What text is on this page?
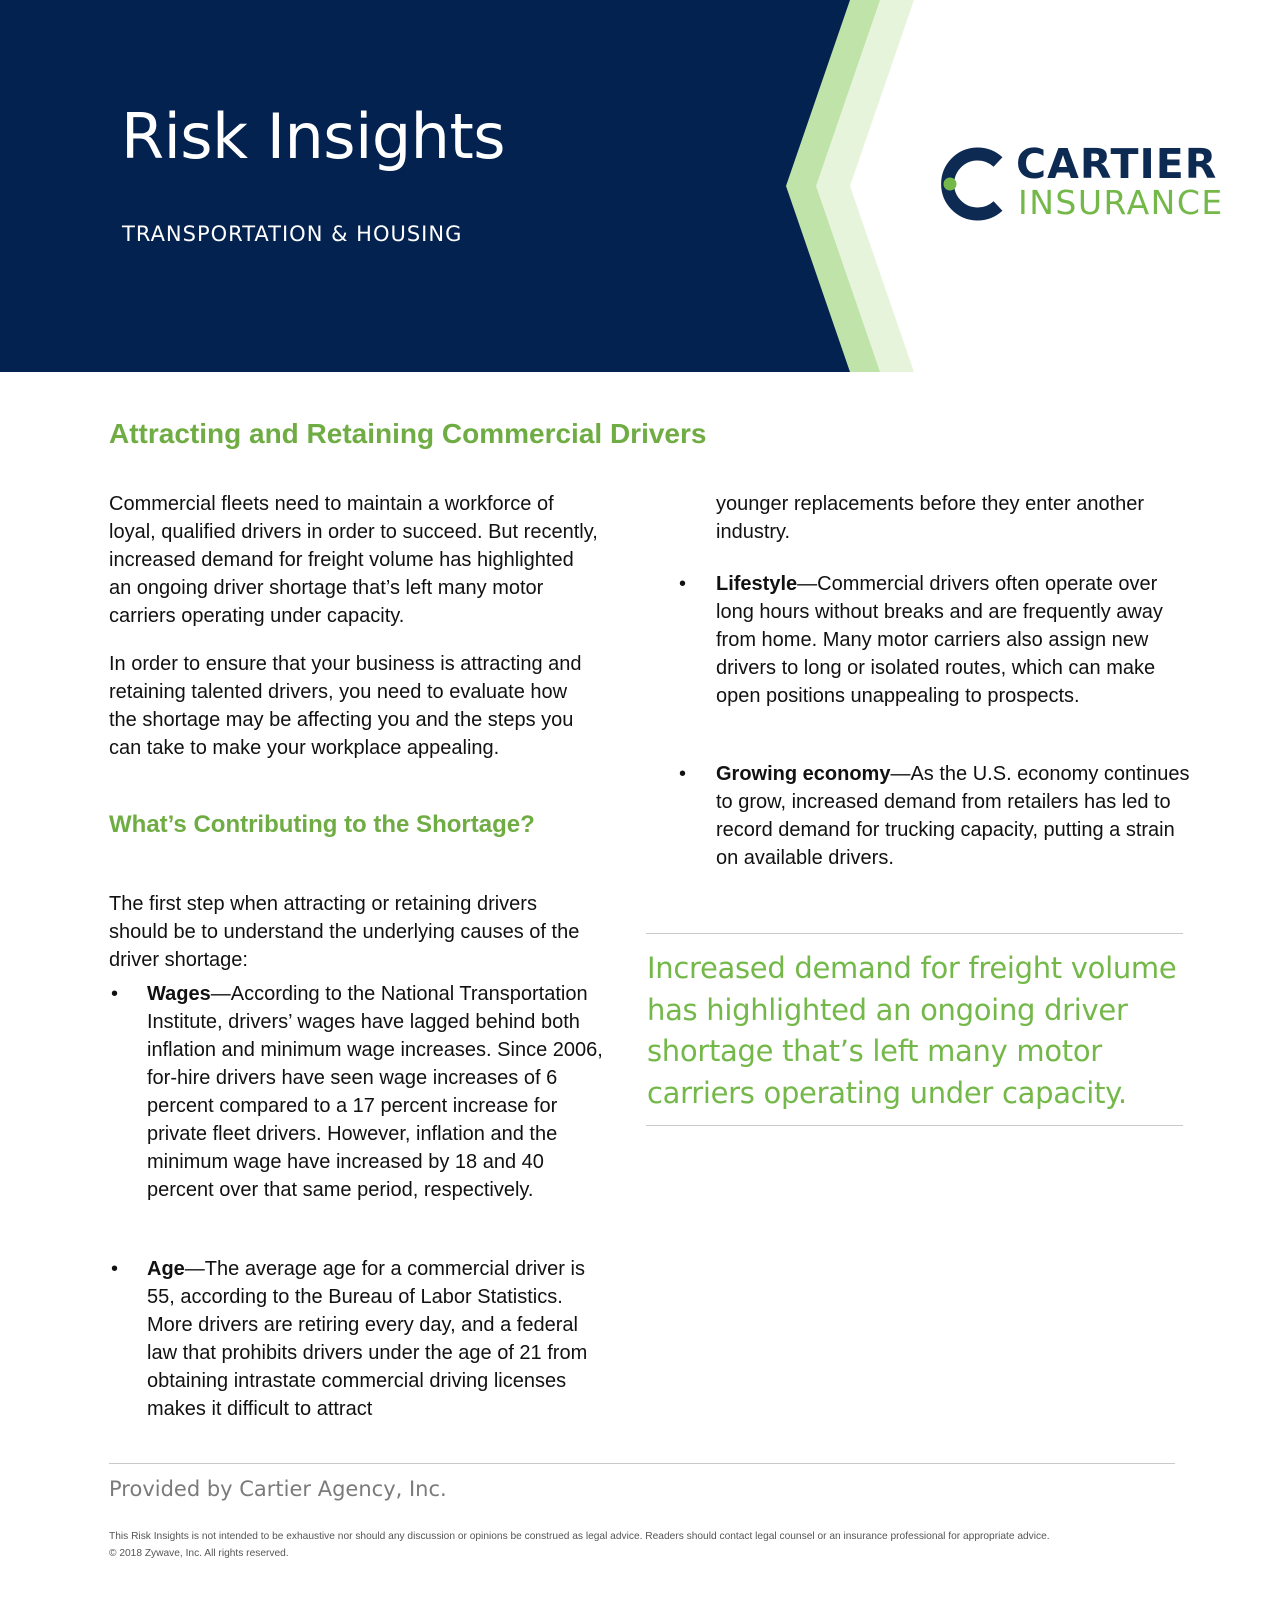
Risk Insights
TRANSPORTATION & HOUSING
CARTIER
INSURANCE
Attracting and Retaining Commercial Drivers

Commercial fleets need to maintain a workforce of loyal, qualified drivers in order to succeed. But recently, increased demand for freight volume has highlighted an ongoing driver shortage that’s left many motor carriers operating under capacity.

In order to ensure that your business is attracting and retaining talented drivers, you need to evaluate how the shortage may be affecting you and the steps you can take to make your workplace appealing.

What’s Contributing to the Shortage?

The first step when attracting or retaining drivers should be to understand the underlying causes of the driver shortage:

• Wages—According to the National Transportation Institute, drivers’ wages have lagged behind both inflation and minimum wage increases. Since 2006, for-hire drivers have seen wage increases of 6 percent compared to a 17 percent increase for private fleet drivers. However, inflation and the minimum wage have increased by 18 and 40 percent over that same period, respectively.
• Age—The average age for a commercial driver is 55, according to the Bureau of Labor Statistics. More drivers are retiring every day, and a federal law that prohibits drivers under the age of 21 from obtaining intrastate commercial driving licenses makes it difficult to attract
younger replacements before they enter another industry.
• Lifestyle—Commercial drivers often operate over long hours without breaks and are frequently away from home. Many motor carriers also assign new drivers to long or isolated routes, which can make open positions unappealing to prospects.
• Growing economy—As the U.S. economy continues to grow, increased demand from retailers has led to record demand for trucking capacity, putting a strain on available drivers.

Increased demand for freight volume has highlighted an ongoing driver shortage that’s left many motor carriers operating under capacity.

Provided by Cartier Agency, Inc.
This Risk Insights is not intended to be exhaustive nor should any discussion or opinions be construed as legal advice. Readers should contact legal counsel or an insurance professional for appropriate advice.
© 2018 Zywave, Inc. All rights reserved.
